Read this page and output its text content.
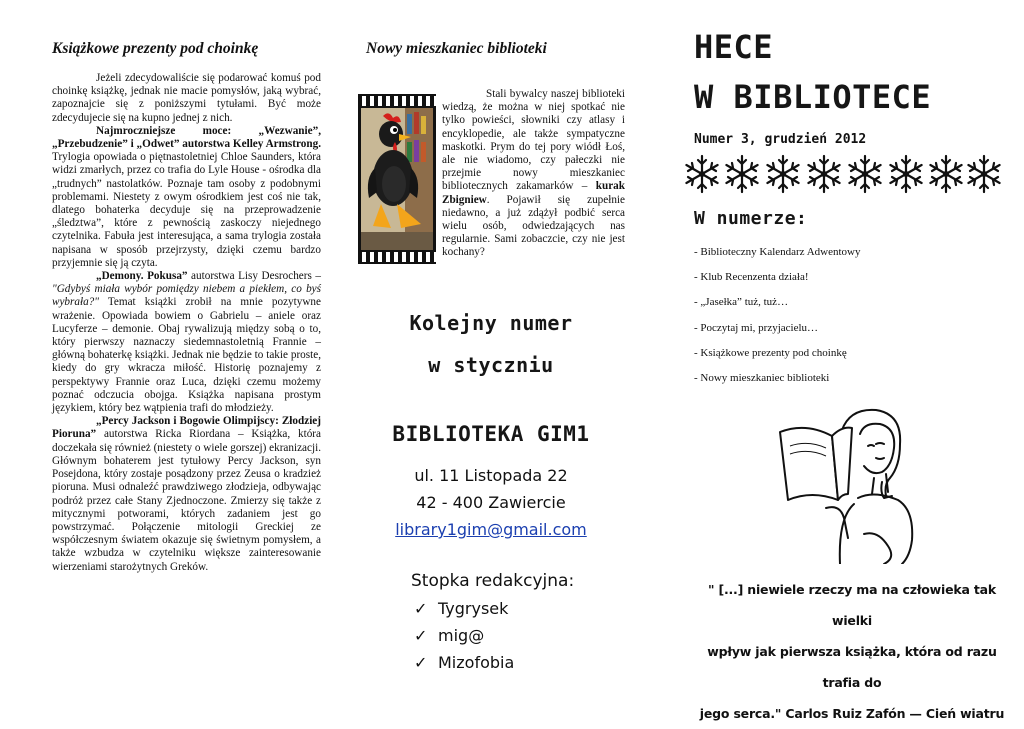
Książkowe prezenty pod choinkę

Jeżeli zdecydowaliście się podarować komuś pod choinkę książkę, jednak nie macie pomysłów, jaką wybrać, zapoznajcie się z poniższymi tytułami. Być może zdecydujecie się na kupno jednej z nich.

Najmroczniejsze moce: „Wezwanie”, „Przebudzenie” i „Odwet” autorstwa Kelley Armstrong. Trylogia opowiada o piętnastoletniej Chloe Saunders, która widzi zmarłych, przez co trafia do Lyle House - ośrodka dla „trudnych” nastolatków. Poznaje tam osoby z podobnymi problemami. Niestety z owym ośrodkiem jest coś nie tak, dlatego bohaterka decyduje się na przeprowadzenie „śledztwa”, które z pewnością zaskoczy niejednego czytelnika. Fabuła jest interesująca, a sama trylogia została napisana w sposób przejrzysty, dzięki czemu bardzo przyjemnie się ją czyta.

„Demony. Pokusa” autorstwa Lisy Desrochers – "Gdybyś miała wybór pomiędzy niebem a piekłem, co byś wybrała?" Temat książki zrobił na mnie pozytywne wrażenie. Opowiada bowiem o Gabrielu – aniele oraz Lucyferze – demonie. Obaj rywalizują między sobą o to, który pierwszy naznaczy siedemnastoletnią Frannie – główną bohaterkę książki. Jednak nie będzie to takie proste, kiedy do gry wkracza miłość. Historię poznajemy z perspektywy Frannie oraz Luca, dzięki czemu możemy poznać odczucia obojga. Książka napisana prostym językiem, który bez wątpienia trafi do młodzieży.

„Percy Jackson i Bogowie Olimpijscy: Złodziej Pioruna” autorstwa Ricka Riordana – Książka, która doczekała się również (niestety o wiele gorszej) ekranizacji. Głównym bohaterem jest tytułowy Percy Jackson, syn Posejdona, który zostaje posądzony przez Zeusa o kradzież pioruna. Musi odnaleźć prawdziwego złodzieja, odbywając podróż przez całe Stany Zjednoczone. Zmierzy się także z mitycznymi potworami, których zadaniem jest go powstrzymać. Połączenie mitologii Greckiej ze współczesnym światem okazuje się świetnym pomysłem, a także wzbudza w czytelniku większe zainteresowanie wierzeniami starożytnych Greków.

Nowy mieszkaniec biblioteki

Stali bywalcy naszej biblioteki wiedzą, że można w niej spotkać nie tylko powieści, słowniki czy atlasy i encyklopedie, ale także sympatyczne maskotki. Prym do tej pory wiódł Łoś, ale nie wiadomo, czy pałeczki nie przejmie nowy mieszkaniec bibliotecznych zakamarków – kurak Zbigniew. Pojawił się zupełnie niedawno, a już zdążył podbić serca wielu osób, odwiedzających nas regularnie. Sami zobaczcie, czy nie jest kochany?

Kolejny numer
w styczniu
BIBLIOTEKA GIM1
ul. 11 Listopada 22
42 - 400 Zawiercie
library1gim@gmail.com
Stopka redakcyjna:
✓ Tygrysek
✓ mig@
✓ Mizofobia
HECE
W BIBLIOTECE
Numer 3, grudzień 2012
W numerze:
- Biblioteczny Kalendarz Adwentowy
- Klub Recenzenta działa!
- „Jasełka” tuż, tuż…
- Poczytaj mi, przyjacielu…
- Książkowe prezenty pod choinkę
- Nowy mieszkaniec biblioteki
" [...] niewiele rzeczy ma na człowieka tak wielki
wpływ jak pierwsza książka, która od razu trafia do
jego serca." Carlos Ruiz Zafón — Cień wiatru
